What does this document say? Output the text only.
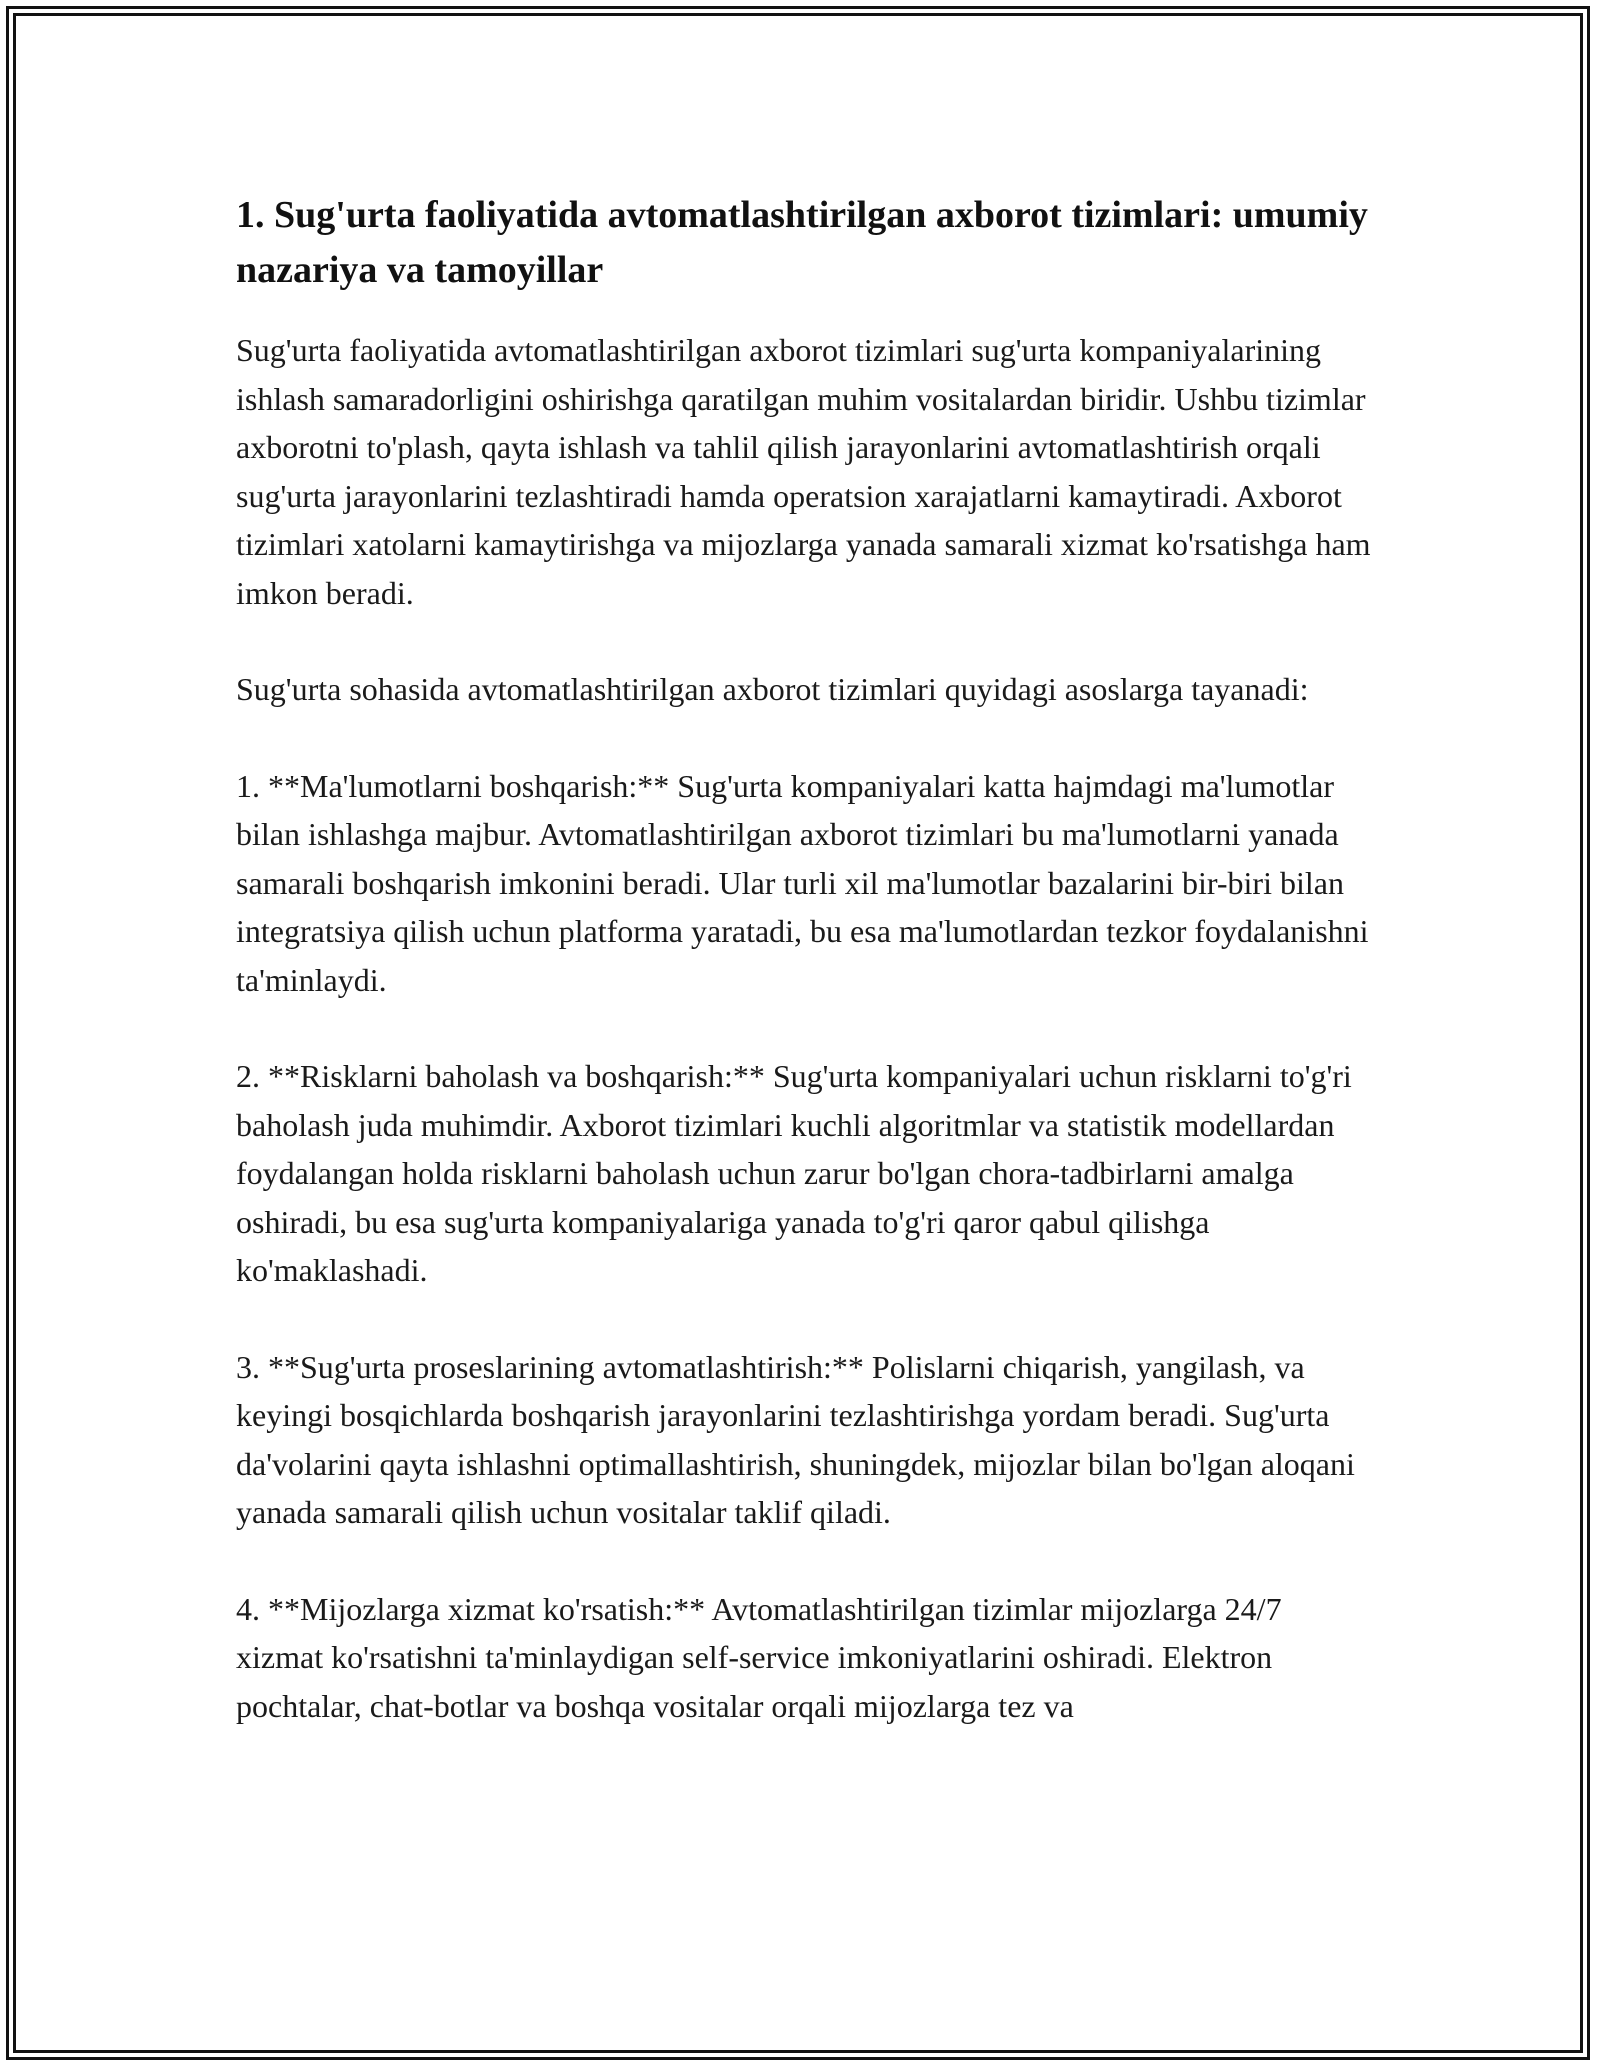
1. Sug'urta faoliyatida avtomatlashtirilgan axborot tizimlari: umumiy nazariya va tamoyillar

Sug'urta faoliyatida avtomatlashtirilgan axborot tizimlari sug'urta kompaniyalarining ishlash samaradorligini oshirishga qaratilgan muhim vositalardan biridir. Ushbu tizimlar axborotni to'plash, qayta ishlash va tahlil qilish jarayonlarini avtomatlashtirish orqali sug'urta jarayonlarini tezlashtiradi hamda operatsion xarajatlarni kamaytiradi. Axborot tizimlari xatolarni kamaytirishga va mijozlarga yanada samarali xizmat ko'rsatishga ham imkon beradi.

Sug'urta sohasida avtomatlashtirilgan axborot tizimlari quyidagi asoslarga tayanadi:

1. **Ma'lumotlarni boshqarish:** Sug'urta kompaniyalari katta hajmdagi ma'lumotlar bilan ishlashga majbur. Avtomatlashtirilgan axborot tizimlari bu ma'lumotlarni yanada samarali boshqarish imkonini beradi. Ular turli xil ma'lumotlar bazalarini bir-biri bilan integratsiya qilish uchun platforma yaratadi, bu esa ma'lumotlardan tezkor foydalanishni ta'minlaydi.

2. **Risklarni baholash va boshqarish:** Sug'urta kompaniyalari uchun risklarni to'g'ri baholash juda muhimdir. Axborot tizimlari kuchli algoritmlar va statistik modellardan foydalangan holda risklarni baholash uchun zarur bo'lgan chora-tadbirlarni amalga oshiradi, bu esa sug'urta kompaniyalariga yanada to'g'ri qaror qabul qilishga ko'maklashadi.

3. **Sug'urta proseslarining avtomatlashtirish:** Polislarni chiqarish, yangilash, va keyingi bosqichlarda boshqarish jarayonlarini tezlashtirishga yordam beradi. Sug'urta da'volarini qayta ishlashni optimallashtirish, shuningdek, mijozlar bilan bo'lgan aloqani yanada samarali qilish uchun vositalar taklif qiladi.

4. **Mijozlarga xizmat ko'rsatish:** Avtomatlashtirilgan tizimlar mijozlarga 24/7 xizmat ko'rsatishni ta'minlaydigan self-service imkoniyatlarini oshiradi. Elektron pochtalar, chat-botlar va boshqa vositalar orqali mijozlarga tez va
